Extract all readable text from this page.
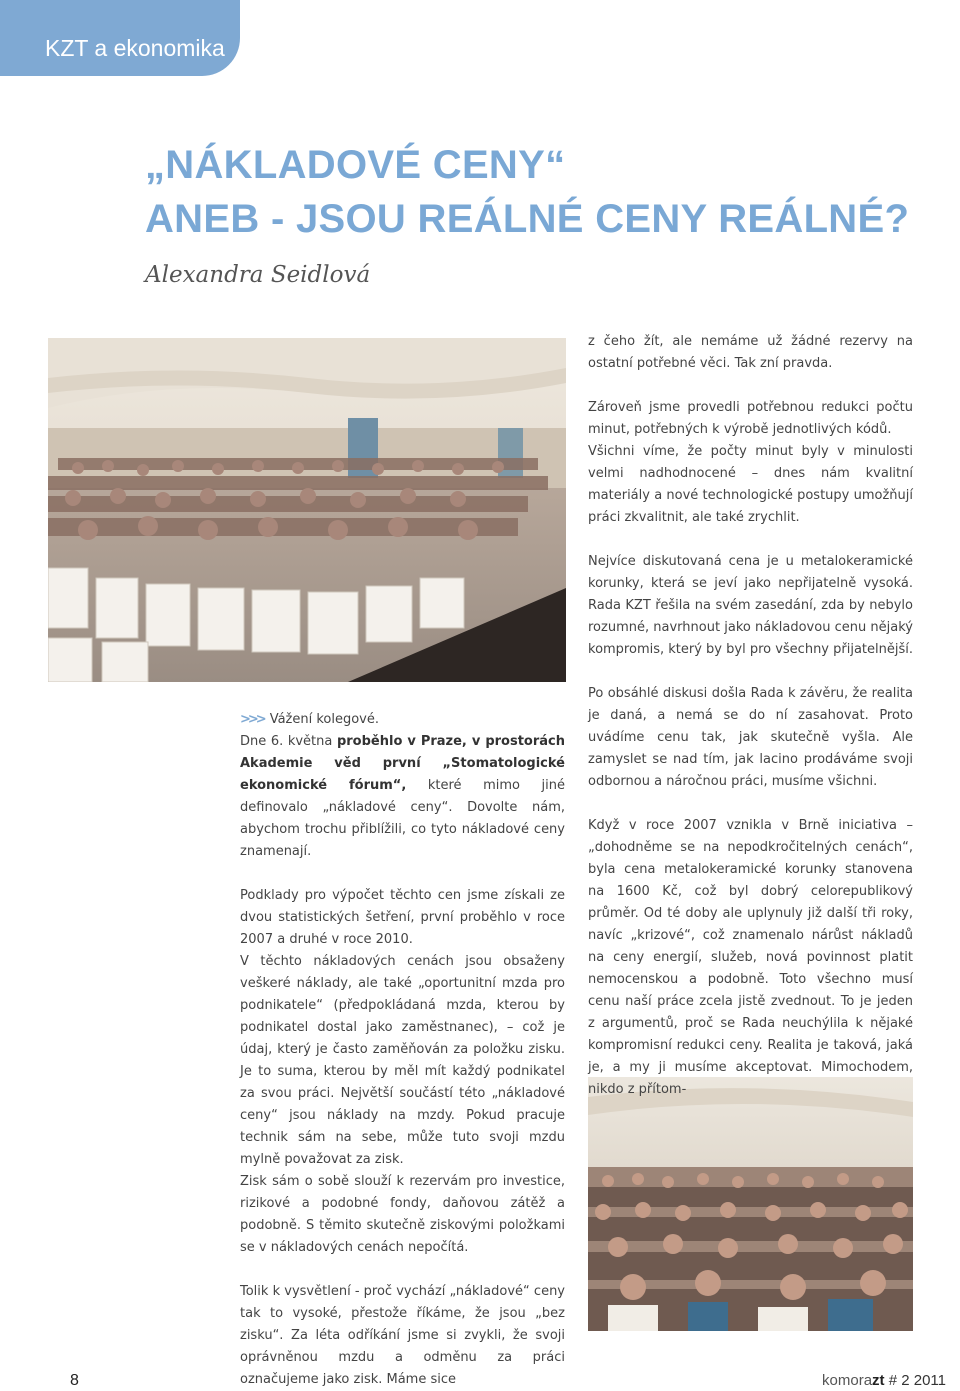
KZT a ekonomika
„NÁKLADOVÉ CENY“
ANEB - JSOU REÁLNÉ CENY REÁLNÉ?
Alexandra Seidlová

z čeho žít, ale nemáme už žádné rezervy na ostatní potřebné věci. Tak zní pravda.

Zároveň jsme provedli potřebnou redukci počtu minut, potřebných k výrobě jednotlivých kódů.

Všichni víme, že počty minut byly v minulosti velmi nadhodnocené – dnes nám kvalitní materiály a nové technologické postupy umožňují práci zkvalitnit, ale také zrychlit.

Nejvíce diskutovaná cena je u metalokeramické korunky, která se jeví jako nepřijatelně vysoká. Rada KZT řešila na svém zasedání, zda by nebylo rozumné, navrhnout jako nákladovou cenu nějaký kompromis, který by byl pro všechny přijatelnější.

Po obsáhlé diskusi došla Rada k závěru, že realita je daná, a nemá se do ní zasahovat. Proto uvádíme cenu tak, jak skutečně vyšla. Ale zamyslet se nad tím, jak lacino prodáváme svoji odbornou a náročnou práci, musíme všichni.

Když v roce 2007 vznikla v Brně iniciativa – „dohodněme se na nepodkročitelných cenách“, byla cena metalokeramické korunky stanovena na 1600 Kč, což byl dobrý celorepublikový průměr. Od té doby ale uplynuly již další tři roky, navíc „krizové“, což znamenalo nárůst nákladů na ceny energií, služeb, nová povinnost platit nemocenskou a podobně. Toto všechno musí cenu naší práce zcela jistě zvednout. To je jeden z argumentů, proč se Rada neuchýlila k nějaké kompromisní redukci ceny. Realita je taková, jaká je, a my ji musíme akceptovat. Mimochodem, nikdo z přítom-

>>> Vážení kolegové.

Dne 6. května proběhlo v Praze, v prostorách Akademie věd první „Stomatologické ekonomické fórum“, které mimo jiné definovalo „nákladové ceny“. Dovolte nám, abychom trochu přiblížili, co tyto nákladové ceny znamenají.

Podklady pro výpočet těchto cen jsme získali ze dvou statistických šetření, první proběhlo v roce 2007 a druhé v roce 2010.

V těchto nákladových cenách jsou obsaženy veškeré náklady, ale také „oportunitní mzda pro podnikatele“ (předpokládaná mzda, kterou by podnikatel dostal jako zaměstnanec), – což je údaj, který je často zaměňován za položku zisku. Je to suma, kterou by měl mít každý podnikatel za svou práci. Největší součástí této „nákladové ceny“ jsou náklady na mzdy. Pokud pracuje technik sám na sebe, může tuto svoji mzdu mylně považovat za zisk.

Zisk sám o sobě slouží k rezervám pro investice, rizikové a podobné fondy, daňovou zátěž a podobně. S těmito skutečně ziskovými položkami se v nákladových cenách nepočítá.

Tolik k vysvětlení - proč vychází „nákladové“ ceny tak to vysoké, přestože říkáme, že jsou „bez zisku“. Za léta odříkání jsme si zvykli, že svoji oprávněnou mzdu a odměnu za práci označujeme jako zisk. Máme sice

8	komorazt # 2 2011
